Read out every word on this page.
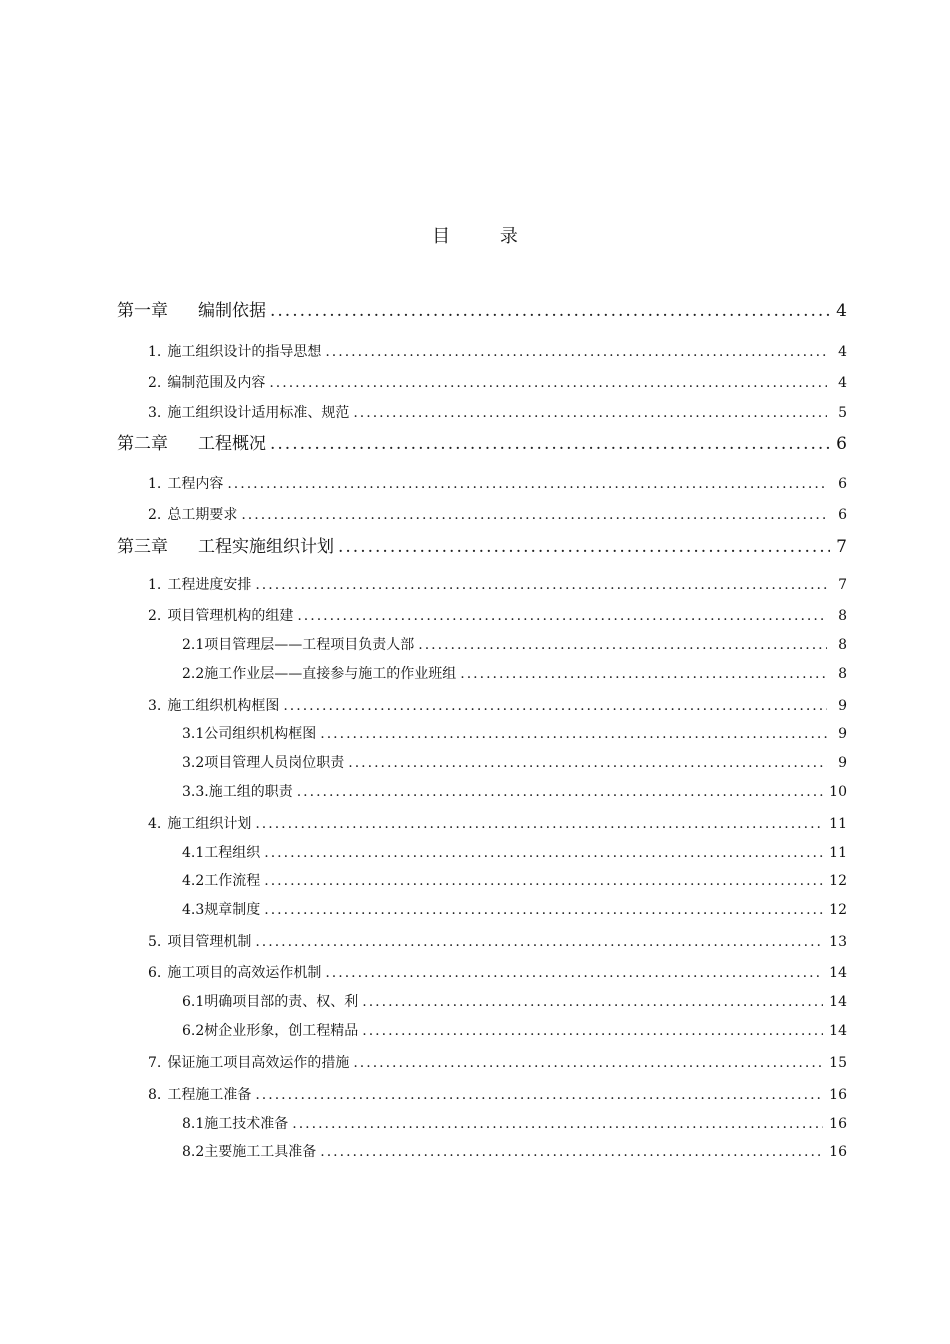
目 录
第一章 编制依据 .....	4
1. 施工组织设计的指导思想 .....	4
2. 编制范围及内容 .....	4
3. 施工组织设计适用标准、规范 .....	5
第二章 工程概况 .....	6
1. 工程内容 .....	6
2. 总工期要求 .....	6
第三章 工程实施组织计划 .....	7
1. 工程进度安排 .....	7
2. 项目管理机构的组建 .....	8
2.1 项目管理层——工程项目负责人部 .....	8
2.2 施工作业层——直接参与施工的作业班组 .....	8
3. 施工组织机构框图 .....	9
3.1 公司组织机构框图 .....	9
3.2 项目管理人员岗位职责 .....	9
3.3. 施工组的职责 .....	10
4. 施工组织计划 .....	11
4.1 工程组织 .....	11
4.2 工作流程 .....	12
4.3 规章制度 .....	12
5. 项目管理机制 .....	13
6. 施工项目的高效运作机制 .....	14
6.1 明确项目部的责、权、利 .....	14
6.2 树企业形象，创工程精品 .....	14
7. 保证施工项目高效运作的措施 .....	15
8. 工程施工准备 .....	16
8.1 施工技术准备 .....	16
8.2 主要施工工具准备 .....	16
